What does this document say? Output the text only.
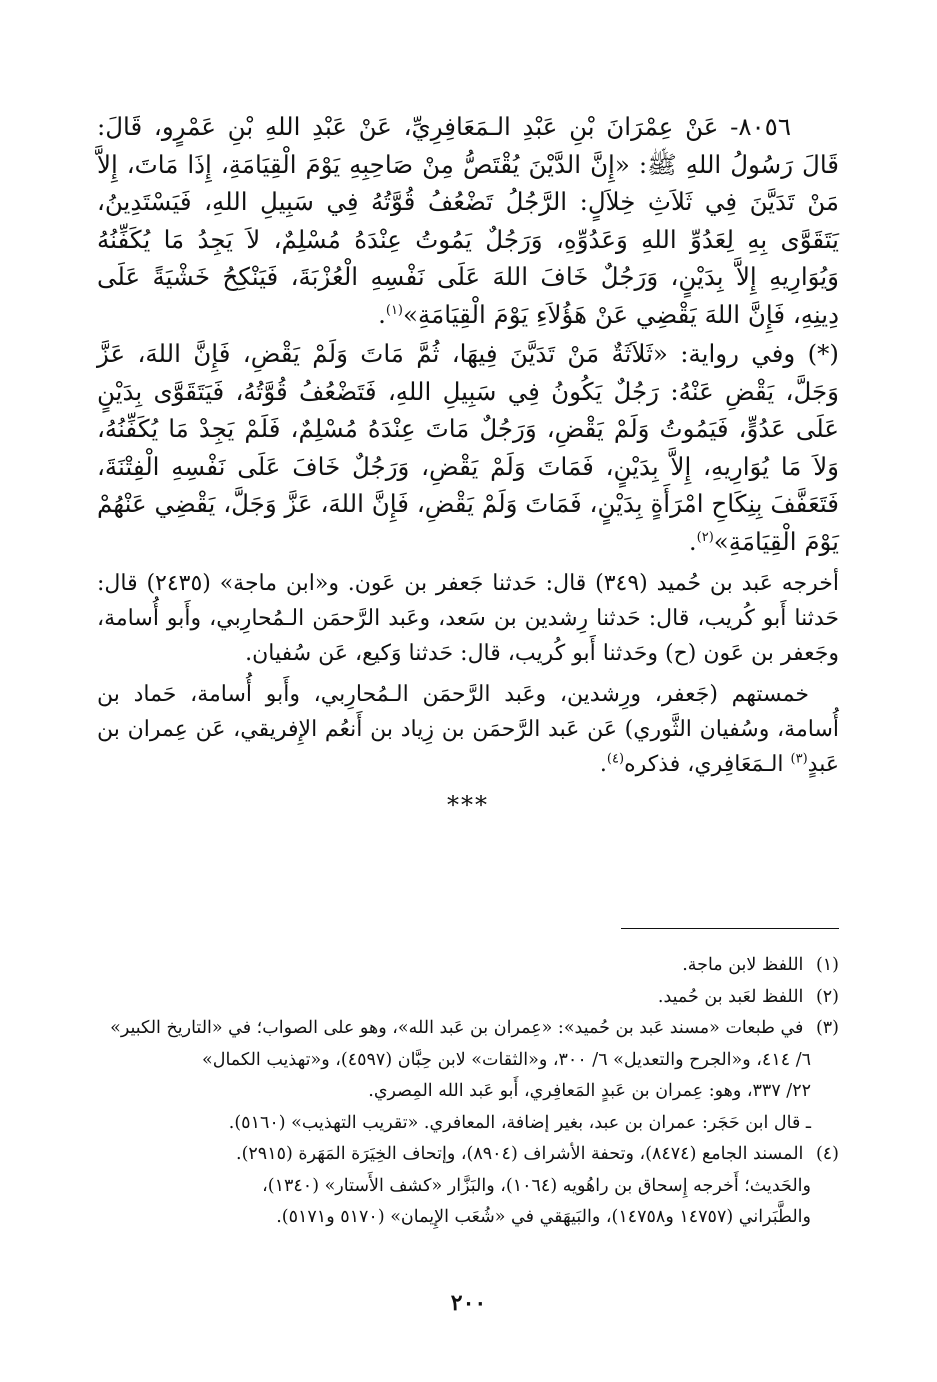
٨٠٥٦- عَنْ عِمْرَانَ بْنِ عَبْدِ الـمَعَافِرِيِّ، عَنْ عَبْدِ اللهِ بْنِ عَمْرٍو، قَالَ: قَالَ رَسُولُ اللهِ ﷺ: «إِنَّ الدَّيْنَ يُقْتَصُّ مِنْ صَاحِبِهِ يَوْمَ الْقِيَامَةِ، إِذَا مَاتَ، إِلاَّ مَنْ تَدَيَّنَ فِي ثَلاَثِ خِلاَلٍ: الرَّجُلُ تَضْعُفُ قُوَّتُهُ فِي سَبِيلِ اللهِ، فَيَسْتَدِينُ، يَتَقَوَّى بِهِ لِعَدُوِّ اللهِ وَعَدُوِّهِ، وَرَجُلٌ يَمُوتُ عِنْدَهُ مُسْلِمٌ، لاَ يَجِدُ مَا يُكَفِّنُهُ وَيُوَارِيهِ إِلاَّ بِدَيْنٍ، وَرَجُلٌ خَافَ اللهَ عَلَى نَفْسِهِ الْعُزْبَةَ، فَيَنْكِحُ خَشْيَةً عَلَى دِينِهِ، فَإِنَّ اللهَ يَقْضِي عَنْ هَؤُلاَءِ يَوْمَ الْقِيَامَةِ»$^{(١)}$.

(*) وفي رواية: «ثَلاَثَةٌ مَنْ تَدَيَّنَ فِيهَا، ثُمَّ مَاتَ وَلَمْ يَقْضِ، فَإِنَّ اللهَ، عَزَّ وَجَلَّ، يَقْضِ عَنْهُ: رَجُلٌ يَكُونُ فِي سَبِيلِ اللهِ، فَتَضْعُفُ قُوَّتُهُ، فَيَتَقَوَّى بِدَيْنٍ عَلَى عَدُوٍّ، فَيَمُوتُ وَلَمْ يَقْضِ، وَرَجُلٌ مَاتَ عِنْدَهُ مُسْلِمٌ، فَلَمْ يَجِدْ مَا يُكَفِّنُهُ، وَلاَ مَا يُوَارِيهِ، إِلاَّ بِدَيْنٍ، فَمَاتَ وَلَمْ يَقْضِ، وَرَجُلٌ خَافَ عَلَى نَفْسِهِ الْفِتْنَةَ، فَتَعَفَّفَ بِنِكَاحِ امْرَأَةٍ بِدَيْنٍ، فَمَاتَ وَلَمْ يَقْضِ، فَإِنَّ اللهَ، عَزَّ وَجَلَّ، يَقْضِي عَنْهُمْ يَوْمَ الْقِيَامَةِ»$^{(٢)}$.

أخرجه عَبد بن حُميد (٣٤٩) قال: حَدثنا جَعفر بن عَون. و«ابن ماجة» (٢٤٣٥) قال: حَدثنا أَبو كُريب، قال: حَدثنا رِشدين بن سَعد، وعَبد الرَّحمَن الـمُحارِبي، وأَبو أُسامة، وجَعفر بن عَون (ح) وحَدثنا أَبو كُريب، قال: حَدثنا وَكيع، عَن سُفيان.

خمستهم (جَعفر، ورِشدين، وعَبد الرَّحمَن الـمُحارِبي، وأَبو أُسامة، حَماد بن أُسامة، وسُفيان الثَّوري) عَن عَبد الرَّحمَن بن زِياد بن أَنعُم الإِفريقي، عَن عِمران بن عَبدٍ$^{(٣)}$ الـمَعَافِري، فذكره$^{(٤)}$.

***

(١) اللفظ لابن ماجة.

(٢) اللفظ لعَبد بن حُميد.

(٣) في طبعات «مسند عَبد بن حُميد»: «عِمران بن عَبد الله»، وهو على الصواب؛ في «التاريخ الكبير»

٦/ ٤١٤، و«الجرح والتعديل» ٦/ ٣٠٠، و«الثقات» لابن حِبَّان (٤٥٩٧)، و«تهذيب الكمال»

٢٢/ ٣٣٧، وهو: عِمران بن عَبدٍ المَعافِري، أَبو عَبد الله المِصري.

ـ قال ابن حَجَر: عمران بن عبد، بغير إضافة، المعافري. «تقريب التهذيب» (٥١٦٠).

(٤) المسند الجامع (٨٤٧٤)، وتحفة الأشراف (٨٩٠٤)، وإتحاف الخِيَرَة المَهَرة (٢٩١٥).

والحَديث؛ أَخرجه إِسحاق بن راهُويه (١٠٦٤)، والبَزَّار «كشف الأَستار» (١٣٤٠)،

والطَّبَراني (١٤٧٥٧ و١٤٧٥٨)، والبَيهَقي في «شُعَب الإِيمان» (٥١٧٠ و٥١٧١).

٢٠٠
